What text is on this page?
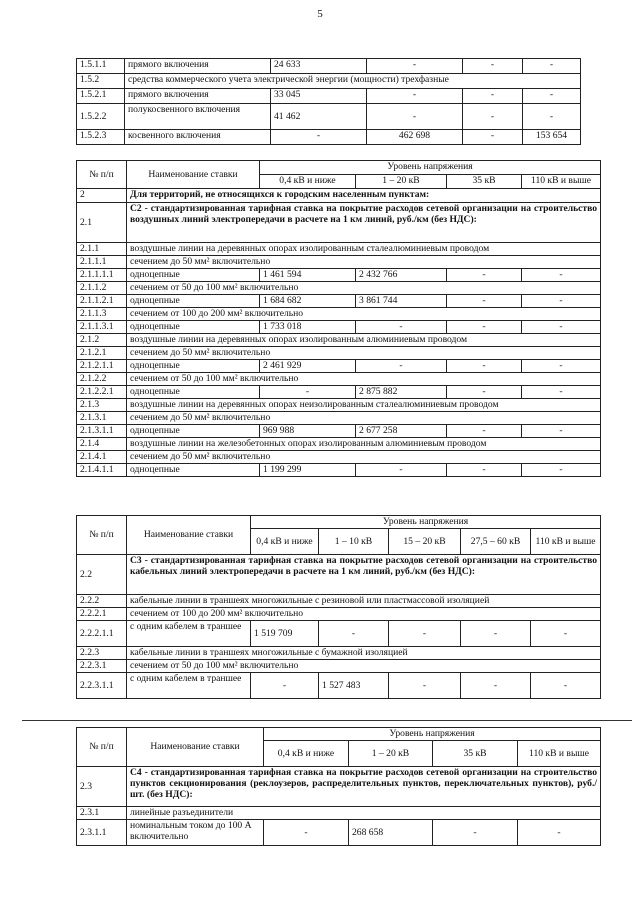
5
1.5.1.1	прямого включения	24 633	-	-	-
1.5.2	средства коммерческого учета электрической энергии (мощности) трехфазные				
1.5.2.1	прямого включения	33 045	-	-	-
1.5.2.2	полукосвенного включения	41 462	-	-	-
1.5.2.3	косвенного включения	-	462 698	-	153 654
№ п/п	Наименование ставки	Уровень напряжения			
		0,4 кВ и ниже	1 – 20 кВ	35 кВ	110 кВ и выше
2	Для территорий, не относящихся к городским населенным пунктам:				
2.1	С2 - стандартизированная тарифная ставка на покрытие расходов сетевой организации на строительство воздушных линий электропередачи в расчете на 1 км линий, руб./км (без НДС):				
2.1.1	воздушные линии на деревянных опорах изолированным сталеалюминиевым проводом				
2.1.1.1	сечением до 50 мм² включительно				
2.1.1.1.1	одноцепные	1 461 594	2 432 766	-	-
2.1.1.2	сечением от 50 до 100 мм² включительно				
2.1.1.2.1	одноцепные	1 684 682	3 861 744	-	-
2.1.1.3	сечением от 100 до 200 мм² включительно				
2.1.1.3.1	одноцепные	1 733 018	-	-	-
2.1.2	воздушные линии на деревянных опорах изолированным алюминиевым проводом				
2.1.2.1	сечением до 50 мм² включительно				
2.1.2.1.1	одноцепные	2 461 929	-	-	-
2.1.2.2	сечением от 50 до 100 мм² включительно				
2.1.2.2.1	одноцепные	-	2 875 882	-	-
2.1.3	воздушные линии на деревянных опорах неизолированным сталеалюминиевым проводом				
2.1.3.1	сечением до 50 мм² включительно				
2.1.3.1.1	одноцепные	969 988	2 677 258	-	-
2.1.4	воздушные линии на железобетонных опорах изолированным алюминиевым проводом				
2.1.4.1	сечением до 50 мм² включительно				
2.1.4.1.1	одноцепные	1 199 299	-	-	-
№ п/п	Наименование ставки	Уровень напряжения				
		0,4 кВ и ниже	1 – 10 кВ	15 – 20 кВ	27,5 – 60 кВ	110 кВ и выше
2.2	С3 - стандартизированная тарифная ставка на покрытие расходов сетевой организации на строительство кабельных линий электропередачи в расчете на 1 км линий, руб./км (без НДС):					
2.2.2	кабельные линии в траншеях многожильные с резиновой или пластмассовой изоляцией					
2.2.2.1	сечением от 100 до 200 мм² включительно					
2.2.2.1.1	с одним кабелем в траншее	1 519 709	-	-	-	-
2.2.3	кабельные линии в траншеях многожильные с бумажной изоляцией					
2.2.3.1	сечением от 50 до 100 мм² включительно					
2.2.3.1.1	с одним кабелем в траншее	-	1 527 483	-	-	-
№ п/п	Наименование ставки	Уровень напряжения			
		0,4 кВ и ниже	1 – 20 кВ	35 кВ	110 кВ и выше
2.3	С4 - стандартизированная тарифная ставка на покрытие расходов сетевой организации на строительство пунктов секционирования (реклоузеров, распределительных пунктов, переключательных пунктов), руб./шт. (без НДС):				
2.3.1	линейные разъединители				
2.3.1.1	номинальным током до 100 А включительно	-	268 658	-	-
